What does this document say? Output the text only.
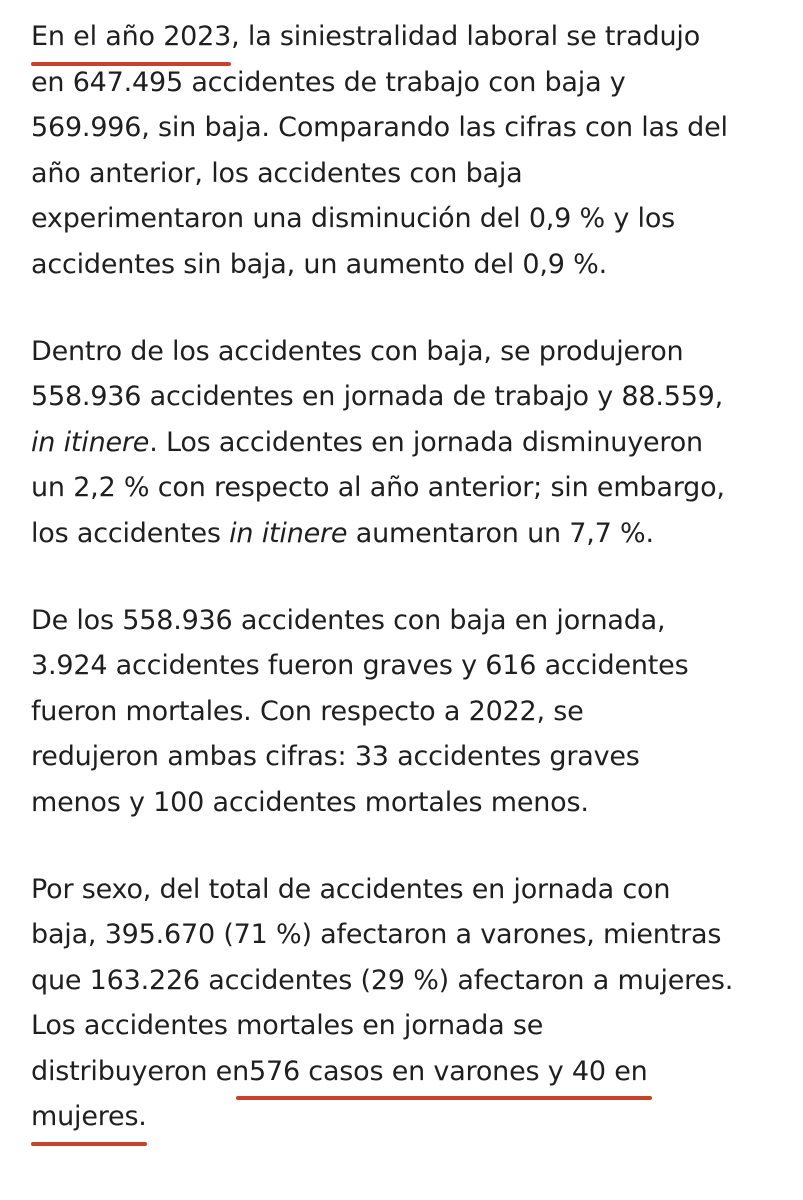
En el año 2023, la siniestralidad laboral se tradujo
en 647.495 accidentes de trabajo con baja y
569.996, sin baja. Comparando las cifras con las del
año anterior, los accidentes con baja
experimentaron una disminución del 0,9 % y los
accidentes sin baja, un aumento del 0,9 %.

Dentro de los accidentes con baja, se produjeron
558.936 accidentes en jornada de trabajo y 88.559,
in itinere. Los accidentes en jornada disminuyeron
un 2,2 % con respecto al año anterior; sin embargo,
los accidentes in itinere aumentaron un 7,7 %.

De los 558.936 accidentes con baja en jornada,
3.924 accidentes fueron graves y 616 accidentes
fueron mortales. Con respecto a 2022, se
redujeron ambas cifras: 33 accidentes graves
menos y 100 accidentes mortales menos.

Por sexo, del total de accidentes en jornada con
baja, 395.670 (71 %) afectaron a varones, mientras
que 163.226 accidentes (29 %) afectaron a mujeres.
Los accidentes mortales en jornada se
distribuyeron en576 casos en varones y 40 en
mujeres.
